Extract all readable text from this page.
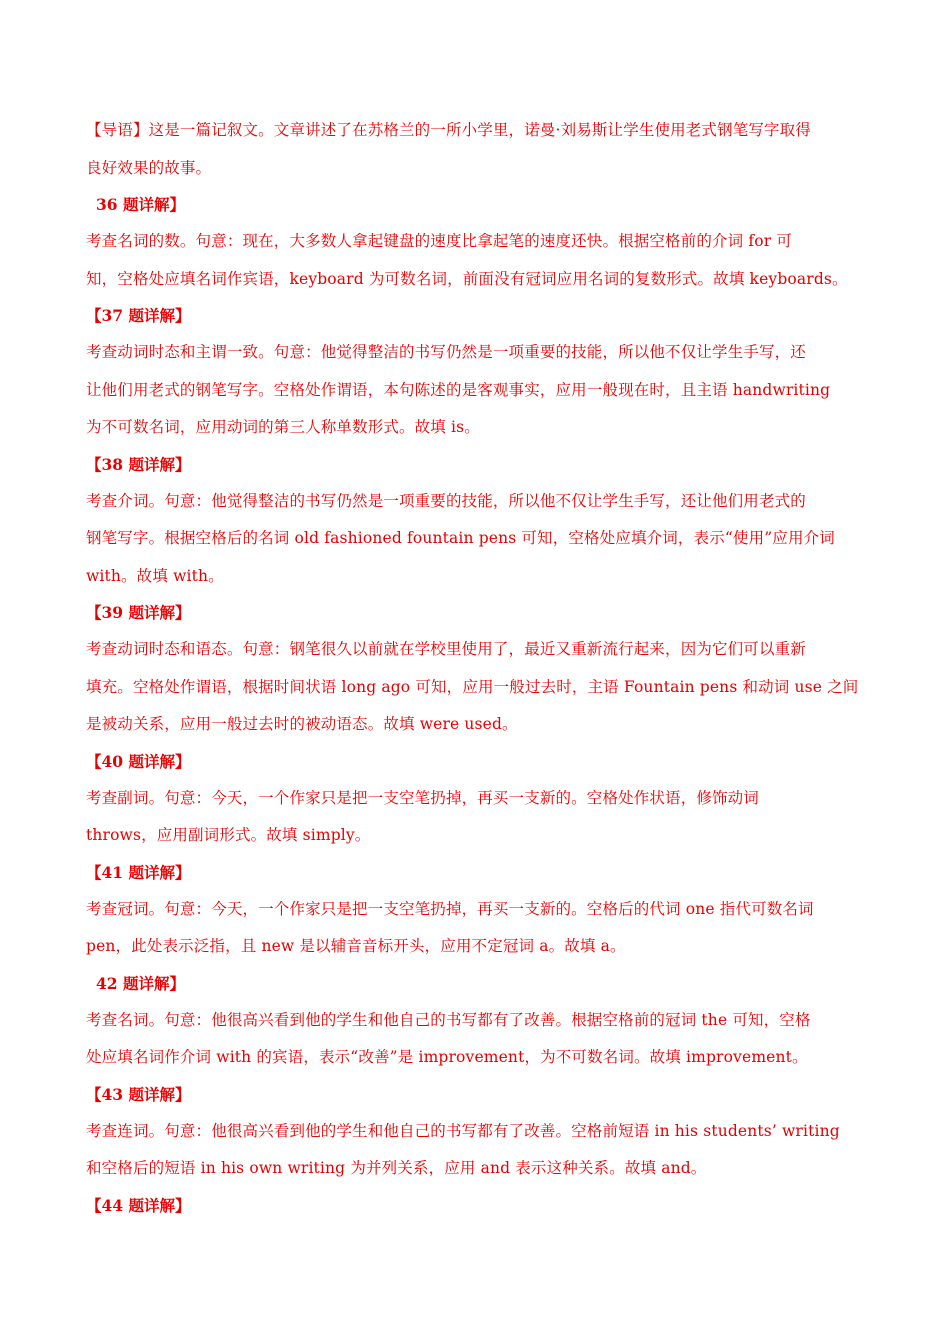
【导语】这是一篇记叙文。文章讲述了在苏格兰的一所小学里，诺曼·刘易斯让学生使用老式钢笔写字取得

良好效果的故事。

36 题详解】

考查名词的数。句意：现在，大多数人拿起键盘的速度比拿起笔的速度还快。根据空格前的介词 for 可

知，空格处应填名词作宾语，keyboard 为可数名词，前面没有冠词应用名词的复数形式。故填 keyboards。

【37 题详解】

考查动词时态和主谓一致。句意：他觉得整洁的书写仍然是一项重要的技能，所以他不仅让学生手写，还

让他们用老式的钢笔写字。空格处作谓语，本句陈述的是客观事实，应用一般现在时，且主语 handwriting

为不可数名词，应用动词的第三人称单数形式。故填 is。

【38 题详解】

考查介词。句意：他觉得整洁的书写仍然是一项重要的技能，所以他不仅让学生手写，还让他们用老式的

钢笔写字。根据空格后的名词 old fashioned fountain pens 可知，空格处应填介词，表示“使用”应用介词

with。故填 with。

【39 题详解】

考查动词时态和语态。句意：钢笔很久以前就在学校里使用了，最近又重新流行起来，因为它们可以重新

填充。空格处作谓语，根据时间状语 long ago 可知，应用一般过去时，主语 Fountain pens 和动词 use 之间

是被动关系，应用一般过去时的被动语态。故填 were used。

【40 题详解】

考查副词。句意：今天，一个作家只是把一支空笔扔掉，再买一支新的。空格处作状语，修饰动词

throws，应用副词形式。故填 simply。

【41 题详解】

考查冠词。句意：今天，一个作家只是把一支空笔扔掉，再买一支新的。空格后的代词 one 指代可数名词

pen，此处表示泛指，且 new 是以辅音音标开头，应用不定冠词 a。故填 a。

42 题详解】

考查名词。句意：他很高兴看到他的学生和他自己的书写都有了改善。根据空格前的冠词 the 可知，空格

处应填名词作介词 with 的宾语，表示“改善”是 improvement，为不可数名词。故填 improvement。

【43 题详解】

考查连词。句意：他很高兴看到他的学生和他自己的书写都有了改善。空格前短语 in his students’ writing

和空格后的短语 in his own writing 为并列关系，应用 and 表示这种关系。故填 and。

【44 题详解】
